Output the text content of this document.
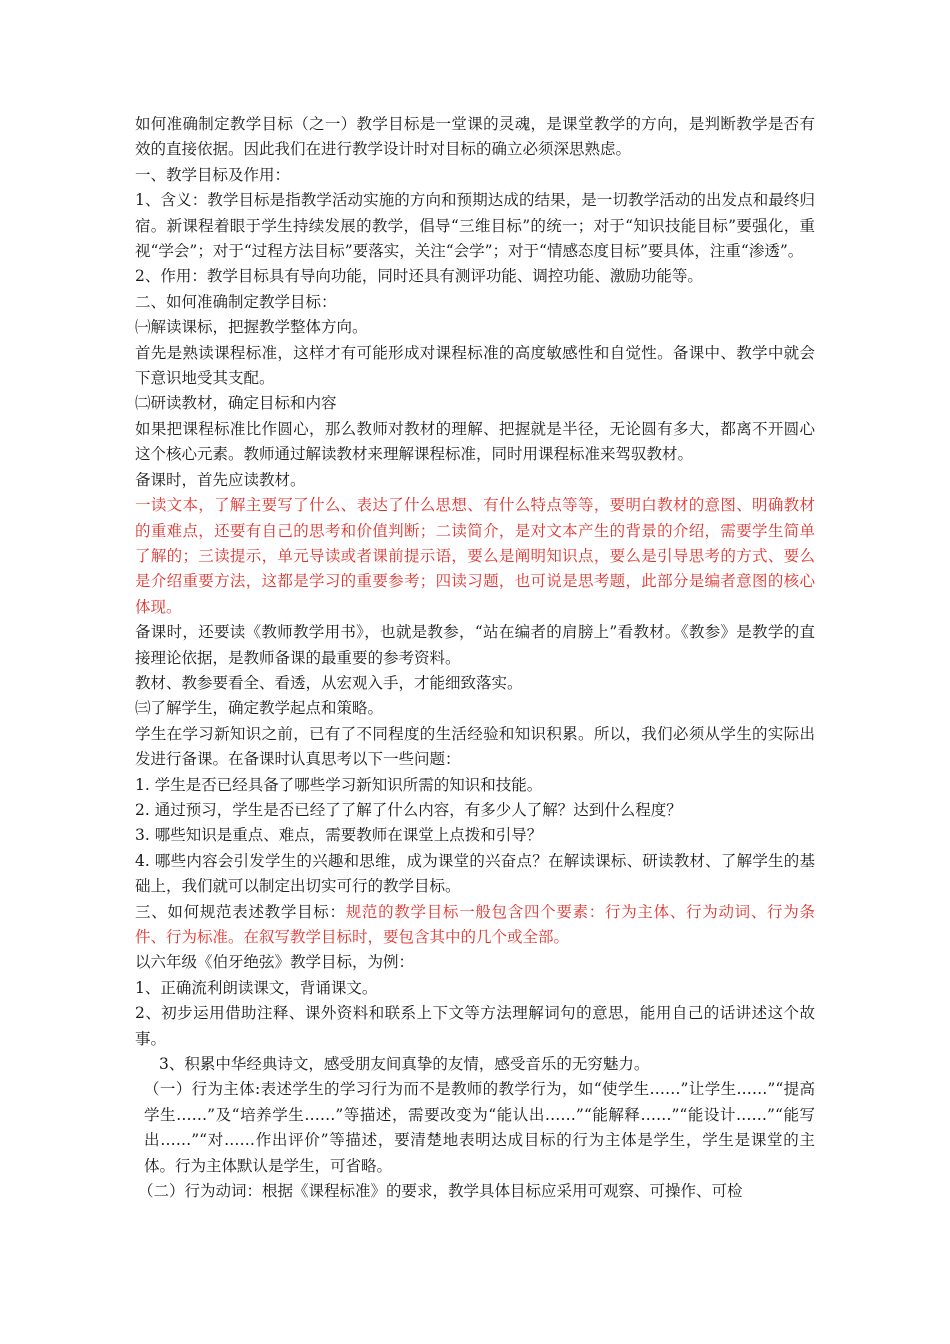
如何准确制定教学目标（之一）教学目标是一堂课的灵魂，是课堂教学的方向，是判断教学是否有效的直接依据。因此我们在进行教学设计时对目标的确立必须深思熟虑。

一、教学目标及作用：

1、含义：教学目标是指教学活动实施的方向和预期达成的结果，是一切教学活动的出发点和最终归宿。新课程着眼于学生持续发展的教学，倡导“三维目标”的统一；对于“知识技能目标”要强化，重视“学会”；对于“过程方法目标”要落实，关注“会学”；对于“情感态度目标”要具体，注重“渗透”。

2、作用：教学目标具有导向功能，同时还具有测评功能、调控功能、激励功能等。

二、如何准确制定教学目标：

㈠解读课标，把握教学整体方向。

首先是熟读课程标准，这样才有可能形成对课程标准的高度敏感性和自觉性。备课中、教学中就会下意识地受其支配。

㈡研读教材，确定目标和内容

如果把课程标准比作圆心，那么教师对教材的理解、把握就是半径，无论圆有多大，都离不开圆心这个核心元素。教师通过解读教材来理解课程标准，同时用课程标准来驾驭教材。

备课时，首先应读教材。

一读文本，了解主要写了什么、表达了什么思想、有什么特点等等，要明白教材的意图、明确教材的重难点，还要有自己的思考和价值判断；二读简介，是对文本产生的背景的介绍，需要学生简单了解的；三读提示，单元导读或者课前提示语，要么是阐明知识点，要么是引导思考的方式、要么是介绍重要方法，这都是学习的重要参考；四读习题，也可说是思考题，此部分是编者意图的核心体现。

备课时，还要读《教师教学用书》，也就是教参，“站在编者的肩膀上”看教材。《教参》是教学的直接理论依据，是教师备课的最重要的参考资料。

教材、教参要看全、看透，从宏观入手，才能细致落实。

㈢了解学生，确定教学起点和策略。

学生在学习新知识之前，已有了不同程度的生活经验和知识积累。所以，我们必须从学生的实际出发进行备课。在备课时认真思考以下一些问题：

1. 学生是否已经具备了哪些学习新知识所需的知识和技能。

2. 通过预习，学生是否已经了了解了什么内容，有多少人了解？达到什么程度？

3. 哪些知识是重点、难点，需要教师在课堂上点拨和引导？

4. 哪些内容会引发学生的兴趣和思维，成为课堂的兴奋点？在解读课标、研读教材、了解学生的基础上，我们就可以制定出切实可行的教学目标。

三、如何规范表述教学目标：规范的教学目标一般包含四个要素：行为主体、行为动词、行为条件、行为标准。在叙写教学目标时，要包含其中的几个或全部。

以六年级《伯牙绝弦》教学目标，为例：

1、正确流利朗读课文，背诵课文。

2、初步运用借助注释、课外资料和联系上下文等方法理解词句的意思，能用自己的话讲述这个故事。

3、积累中华经典诗文，感受朋友间真挚的友情，感受音乐的无穷魅力。

（一）行为主体:表述学生的学习行为而不是教师的教学行为，如“使学生……”让学生……”“提高学生……”及“培养学生……”等描述，需要改变为“能认出……”“能解释……”“能设计……”“能写出……”“对……作出评价”等描述，要清楚地表明达成目标的行为主体是学生，学生是课堂的主体。行为主体默认是学生，可省略。

（二）行为动词：根据《课程标准》的要求，教学具体目标应采用可观察、可操作、可检
